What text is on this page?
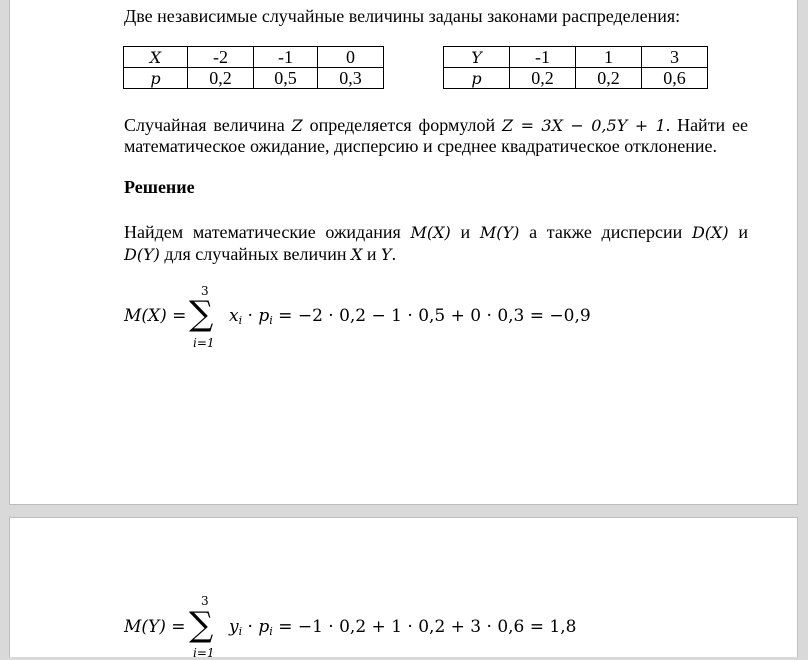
Две независимые случайные величины заданы законами распределения:
X	-2	-1	0
p	0,2	0,5	0,3
Y	-1	1	3
p	0,2	0,2	0,6
Случайная величина Z определяется формулой Z = 3X − 0,5Y + 1. Найти ее
математическое ожидание, дисперсию и среднее квадратическое отклонение.
Решение
Найдем математические ожидания M(X) и M(Y) а также дисперсии D(X) и
D(Y) для случайных величин X и Y.
M(X) =
3
∑
i=1
$x_i \cdot p_i = -2 \cdot 0,2 - 1 \cdot 0,5 + 0 \cdot 0,3 = -0,9$
M(Y) =
3
∑
i=1
$y_i \cdot p_i = -1 \cdot 0,2 + 1 \cdot 0,2 + 3 \cdot 0,6 = 1,8$
